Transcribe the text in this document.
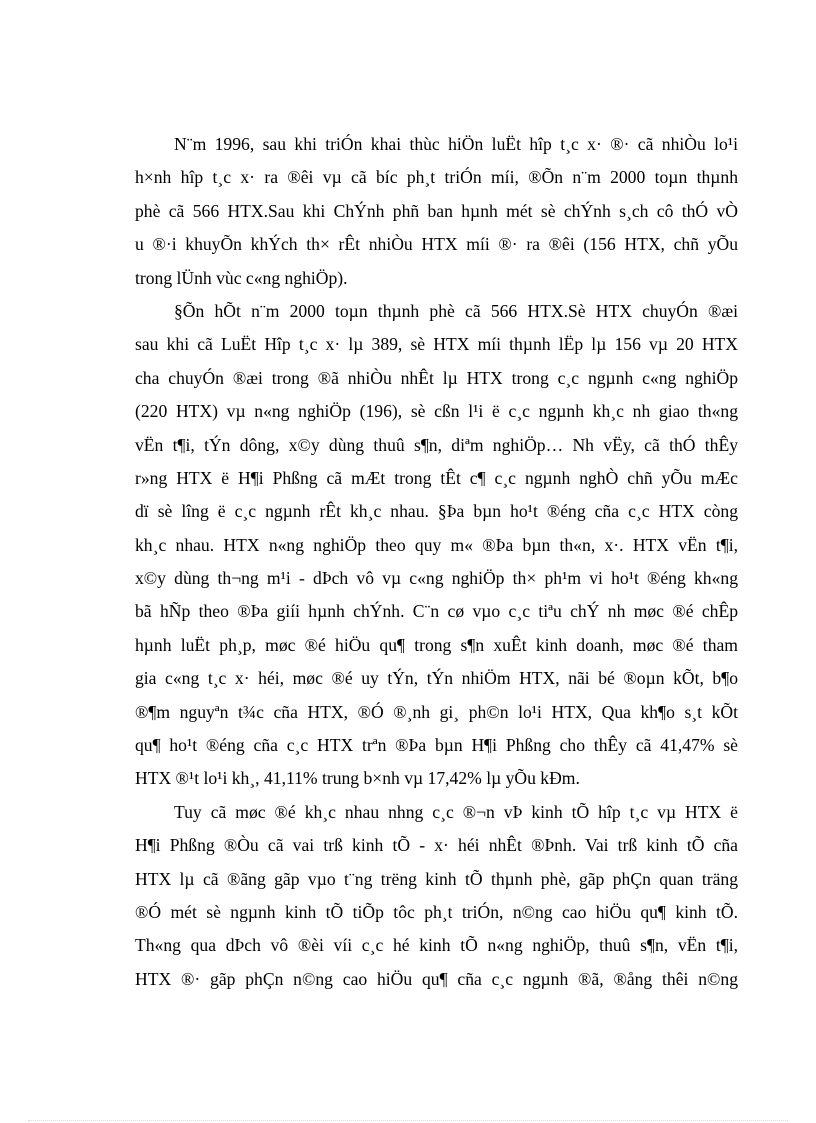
N¨m 1996, sau khi triÓn khai thùc hiÖn luËt hîp t¸c x· ®· cã nhiÒu lo¹i
h×nh hîp t¸c x· ra ®êi vµ cã bíc ph¸t triÓn míi, ®Õn n¨m 2000 toµn thµnh
phè cã 566 HTX.Sau khi ChÝnh phñ ban hµnh mét sè chÝnh s¸ch cô thÓ vÒ
u ®·i khuyÕn khÝch th× rÊt nhiÒu HTX míi ®· ra ®êi (156 HTX, chñ yÕu
trong lÜnh vùc c«ng nghiÖp).
§Õn hÕt n¨m 2000 toµn thµnh phè cã 566 HTX.Sè HTX chuyÓn ®æi
sau khi cã LuËt Hîp t¸c x· lµ 389, sè HTX míi thµnh lËp lµ 156 vµ 20 HTX
cha chuyÓn ®æi trong ®ã nhiÒu nhÊt lµ HTX trong c¸c ngµnh c«ng nghiÖp
(220 HTX) vµ n«ng nghiÖp (196), sè cßn l¹i ë c¸c ngµnh kh¸c nh giao th«ng
vËn t¶i, tÝn dông, x©y dùng thuû s¶n, diªm nghiÖp… Nh vËy, cã thÓ thÊy
r»ng HTX ë H¶i Phßng cã mÆt trong tÊt c¶ c¸c ngµnh nghÒ chñ yÕu mÆc
dï sè lîng ë c¸c ngµnh rÊt kh¸c nhau. §Þa bµn ho¹t ®éng cña c¸c HTX còng
kh¸c nhau. HTX n«ng nghiÖp theo quy m« ®Þa bµn th«n, x·. HTX vËn t¶i,
x©y dùng th¬ng m¹i - dÞch vô vµ c«ng nghiÖp th× ph¹m vi ho¹t ®éng kh«ng
bã hÑp theo ®Þa giíi hµnh chÝnh. C¨n cø vµo c¸c tiªu chÝ nh møc ®é chÊp
hµnh luËt ph¸p, møc ®é hiÖu qu¶ trong s¶n xuÊt kinh doanh, møc ®é tham
gia c«ng t¸c x· héi, møc ®é uy tÝn, tÝn nhiÖm HTX, nãi bé ®oµn kÕt, b¶o
®¶m nguyªn t¾c cña HTX, ®Ó ®¸nh gi¸ ph©n lo¹i HTX, Qua kh¶o s¸t kÕt
qu¶ ho¹t ®éng cña c¸c HTX trªn ®Þa bµn H¶i Phßng cho thÊy cã 41,47% sè
HTX ®¹t lo¹i kh¸, 41,11% trung b×nh vµ 17,42% lµ yÕu kÐm.
Tuy cã møc ®é kh¸c nhau nhng c¸c ®¬n vÞ kinh tÕ hîp t¸c vµ HTX ë
H¶i Phßng ®Òu cã vai trß kinh tÕ - x· héi nhÊt ®Þnh. Vai trß kinh tÕ cña
HTX lµ cã ®ãng gãp vµo t¨ng trëng kinh tÕ thµnh phè, gãp phÇn quan träng
®Ó mét sè ngµnh kinh tÕ tiÕp tôc ph¸t triÓn, n©ng cao hiÖu qu¶ kinh tÕ.
Th«ng qua dÞch vô ®èi víi c¸c hé kinh tÕ n«ng nghiÖp, thuû s¶n, vËn t¶i,
HTX ®· gãp phÇn n©ng cao hiÖu qu¶ cña c¸c ngµnh ®ã, ®ång thêi n©ng
